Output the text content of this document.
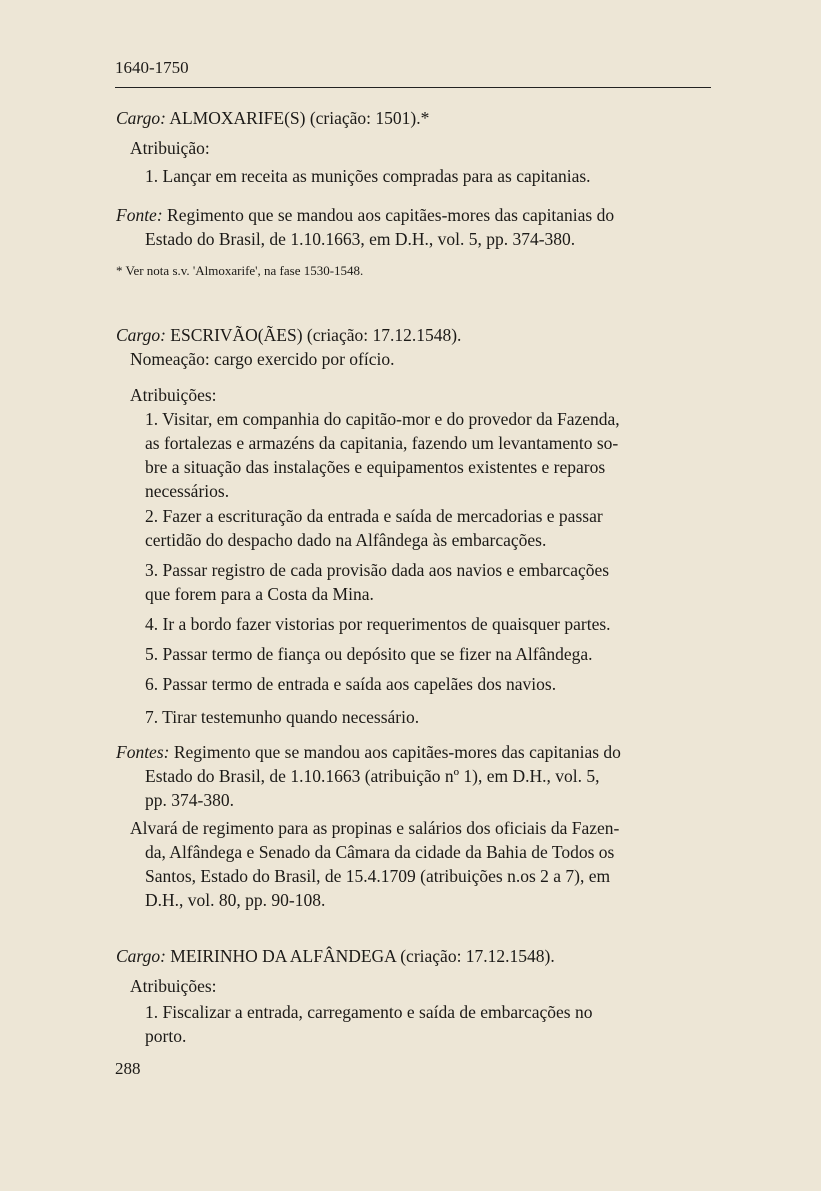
1640-1750
Cargo: ALMOXARIFE(S) (criação: 1501).*
Atribuição:
1. Lançar em receita as munições compradas para as capitanias.
Fonte: Regimento que se mandou aos capitães-mores das capitanias do
Estado do Brasil, de 1.10.1663, em D.H., vol. 5, pp. 374-380.
* Ver nota s.v. 'Almoxarife', na fase 1530-1548.
Cargo: ESCRIVÃO(ÃES) (criação: 17.12.1548).
Nomeação: cargo exercido por ofício.
Atribuições:
1. Visitar, em companhia do capitão-mor e do provedor da Fazenda,
as fortalezas e armazéns da capitania, fazendo um levantamento so-
bre a situação das instalações e equipamentos existentes e reparos
necessários.
2. Fazer a escrituração da entrada e saída de mercadorias e passar
certidão do despacho dado na Alfândega às embarcações.
3. Passar registro de cada provisão dada aos navios e embarcações
que forem para a Costa da Mina.
4. Ir a bordo fazer vistorias por requerimentos de quaisquer partes.
5. Passar termo de fiança ou depósito que se fizer na Alfândega.
6. Passar termo de entrada e saída aos capelães dos navios.
7. Tirar testemunho quando necessário.
Fontes: Regimento que se mandou aos capitães-mores das capitanias do
Estado do Brasil, de 1.10.1663 (atribuição nº 1), em D.H., vol. 5,
pp. 374-380.
Alvará de regimento para as propinas e salários dos oficiais da Fazen-
da, Alfândega e Senado da Câmara da cidade da Bahia de Todos os
Santos, Estado do Brasil, de 15.4.1709 (atribuições n.os 2 a 7), em
D.H., vol. 80, pp. 90-108.
Cargo: MEIRINHO DA ALFÂNDEGA (criação: 17.12.1548).
Atribuições:
1. Fiscalizar a entrada, carregamento e saída de embarcações no
porto.
288
